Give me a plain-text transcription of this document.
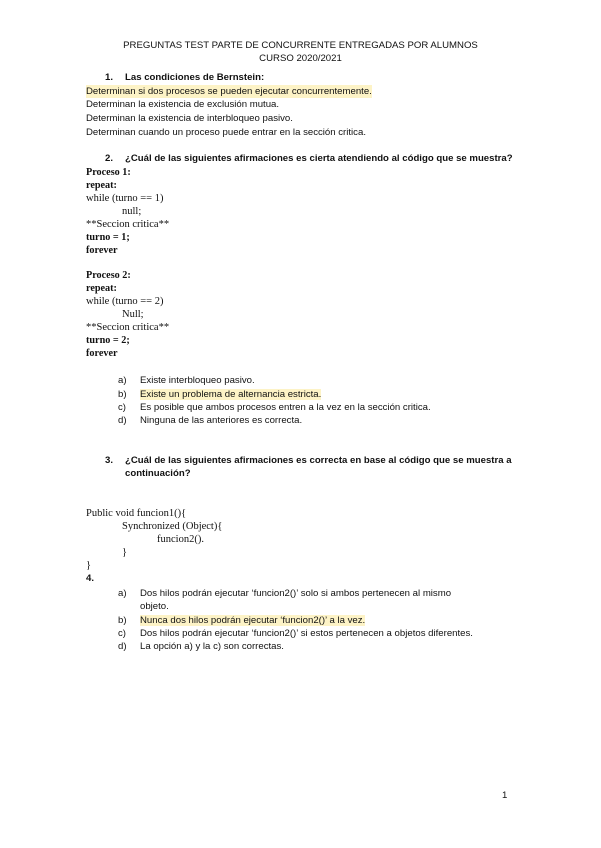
PREGUNTAS TEST PARTE DE CONCURRENTE ENTREGADAS POR ALUMNOS
CURSO 2020/2021
1. Las condiciones de Bernstein:
Determinan si dos procesos se pueden ejecutar concurrentemente.
Determinan la existencia de exclusión mutua.
Determinan la existencia de interbloqueo pasivo.
Determinan cuando un proceso puede entrar en la sección critica.
2. ¿Cuál de las siguientes afirmaciones es cierta atendiendo al código que se muestra?
Proceso 1:
repeat:
while (turno == 1)
null;
**Seccion critica**
turno = 1;
forever
Proceso 2:
repeat:
while (turno == 2)
Null;
**Seccion critica**
turno = 2;
forever
a) Existe interbloqueo pasivo.
b) Existe un problema de alternancia estricta.
c) Es posible que ambos procesos entren a la vez en la sección critica.
d) Ninguna de las anteriores es correcta.
3. ¿Cuál de las siguientes afirmaciones es correcta en base al código que se muestra a
continuación?
Public void funcion1(){
Synchronized (Object){
funcion2().
}
}
4.
a) Dos hilos podrán ejecutar ‘funcion2()’ solo si ambos pertenecen al mismo
objeto.
b) Nunca dos hilos podrán ejecutar ‘funcion2()’ a la vez.
c) Dos hilos podrán ejecutar ‘funcion2()’ si estos pertenecen a objetos diferentes.
d) La opción a) y la c) son correctas.
1
